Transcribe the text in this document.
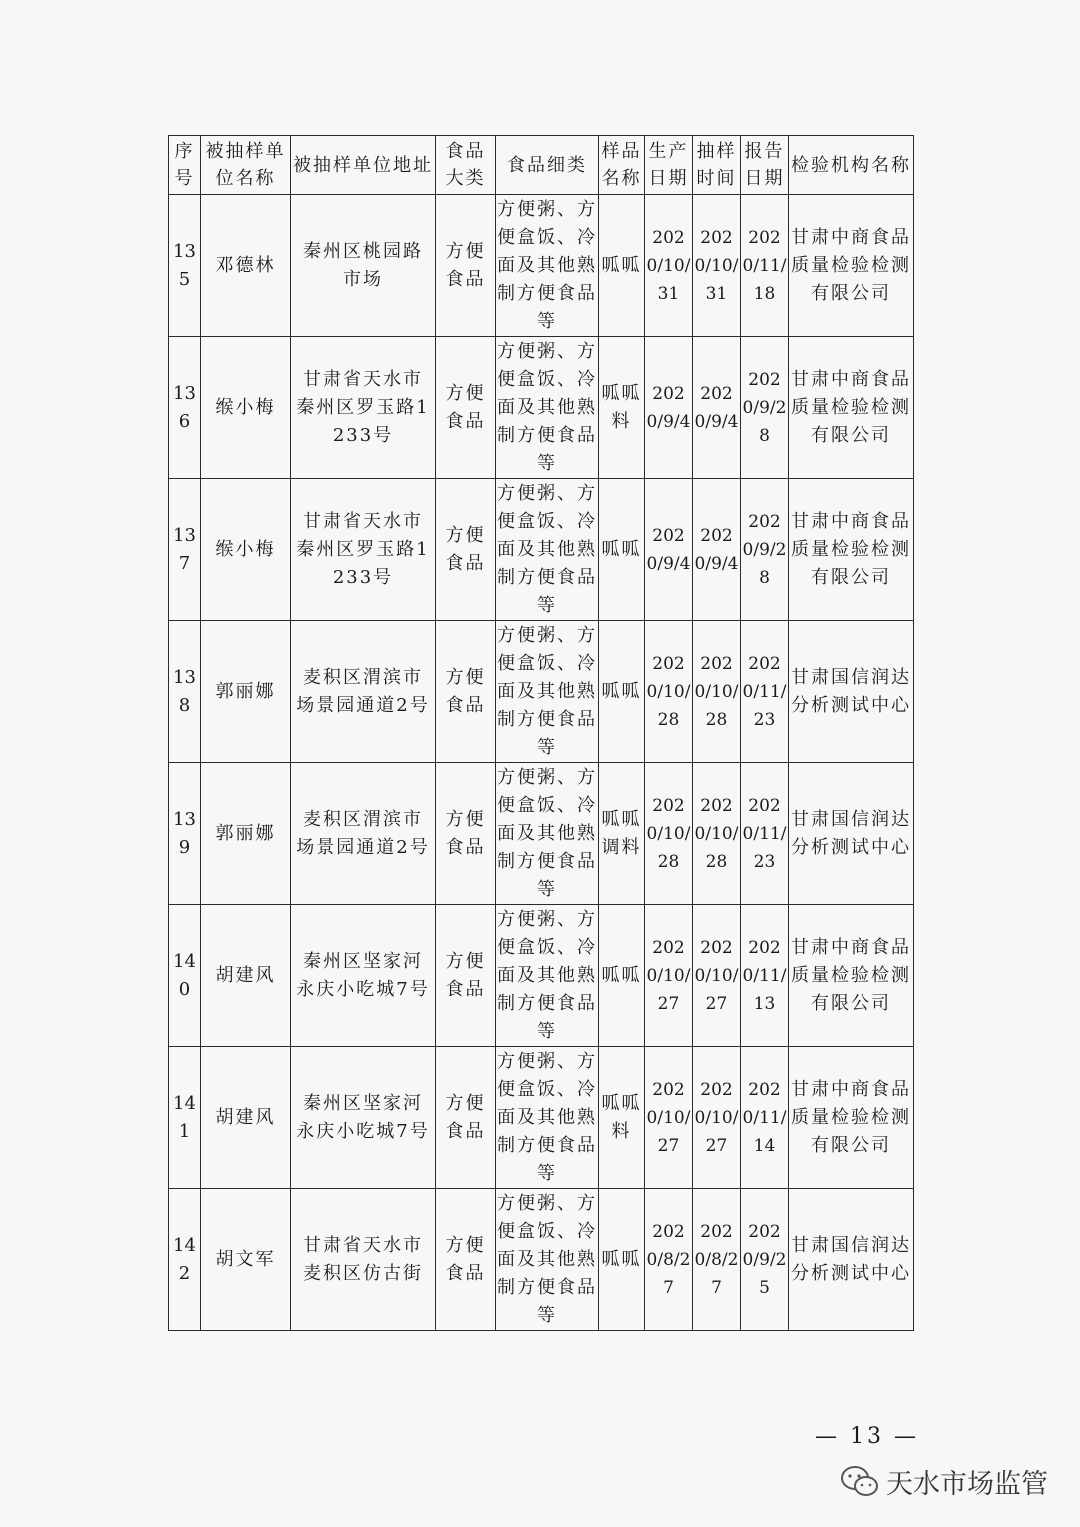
序号	被抽样单位名称	被抽样单位地址	食品大类	食品细类	样品名称	生产日期	抽样时间	报告日期	检验机构名称
135	邓德林	秦州区桃园路市场	方便食品	方便粥、方便盒饭、冷面及其他熟制方便食品等	呱呱	2020/10/31	2020/10/31	2020/11/18	甘肃中商食品质量检验检测有限公司
136	缑小梅	甘肃省天水市秦州区罗玉路1233号	方便食品	方便粥、方便盒饭、冷面及其他熟制方便食品等	呱呱料	2020/9/4	2020/9/4	2020/9/28	甘肃中商食品质量检验检测有限公司
137	缑小梅	甘肃省天水市秦州区罗玉路1233号	方便食品	方便粥、方便盒饭、冷面及其他熟制方便食品等	呱呱	2020/9/4	2020/9/4	2020/9/28	甘肃中商食品质量检验检测有限公司
138	郭丽娜	麦积区渭滨市场景园通道2号	方便食品	方便粥、方便盒饭、冷面及其他熟制方便食品等	呱呱	2020/10/28	2020/10/28	2020/11/23	甘肃国信润达分析测试中心
139	郭丽娜	麦积区渭滨市场景园通道2号	方便食品	方便粥、方便盒饭、冷面及其他熟制方便食品等	呱呱调料	2020/10/28	2020/10/28	2020/11/23	甘肃国信润达分析测试中心
140	胡建风	秦州区坚家河永庆小吃城7号	方便食品	方便粥、方便盒饭、冷面及其他熟制方便食品等	呱呱	2020/10/27	2020/10/27	2020/11/13	甘肃中商食品质量检验检测有限公司
141	胡建风	秦州区坚家河永庆小吃城7号	方便食品	方便粥、方便盒饭、冷面及其他熟制方便食品等	呱呱料	2020/10/27	2020/10/27	2020/11/14	甘肃中商食品质量检验检测有限公司
142	胡文军	甘肃省天水市麦积区仿古街	方便食品	方便粥、方便盒饭、冷面及其他熟制方便食品等	呱呱	2020/8/27	2020/8/27	2020/9/25	甘肃国信润达分析测试中心
— 13 —
天水市场监管
